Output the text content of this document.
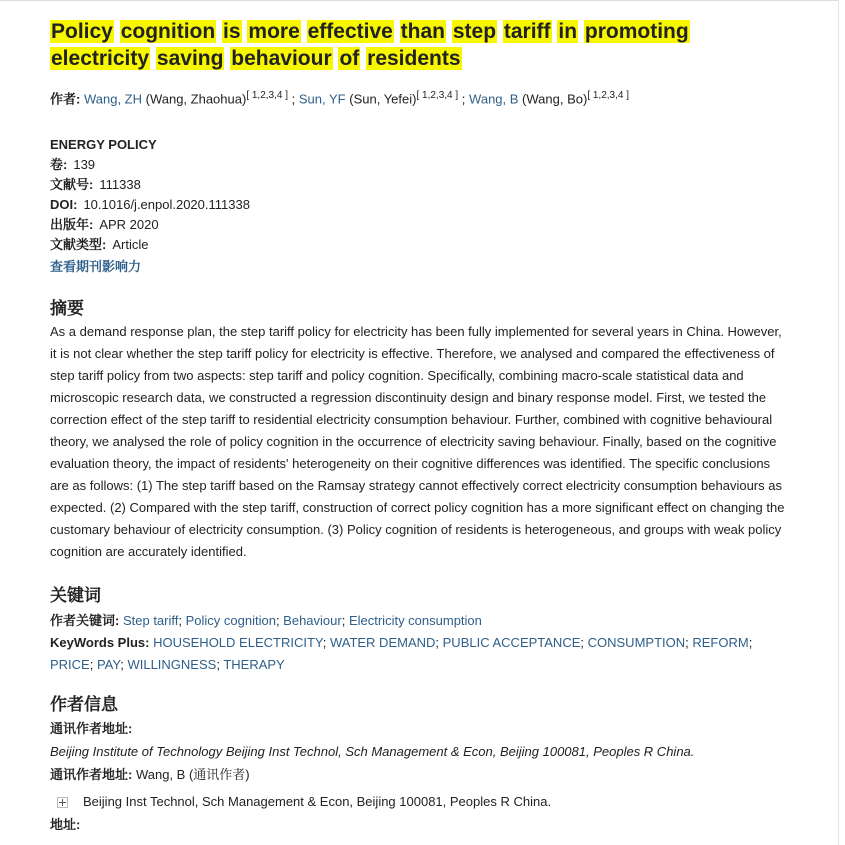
Policy cognition is more effective than step tariff in promoting electricity saving behaviour of residents
作者: Wang, ZH (Wang, Zhaohua)[ 1,2,3,4 ] ; Sun, YF (Sun, Yefei)[ 1,2,3,4 ] ; Wang, B (Wang, Bo)[ 1,2,3,4 ]
ENERGY POLICY
卷: 139
文献号: 111338
DOI: 10.1016/j.enpol.2020.111338
出版年: APR 2020
文献类型: Article
查看期刊影响力
摘要

As a demand response plan, the step tariff policy for electricity has been fully implemented for several years in China. However, it is not clear whether the step tariff policy for electricity is effective. Therefore, we analysed and compared the effectiveness of step tariff policy from two aspects: step tariff and policy cognition. Specifically, combining macro-scale statistical data and microscopic research data, we constructed a regression discontinuity design and binary response model. First, we tested the correction effect of the step tariff to residential electricity consumption behaviour. Further, combined with cognitive behavioural theory, we analysed the role of policy cognition in the occurrence of electricity saving behaviour. Finally, based on the cognitive evaluation theory, the impact of residents' heterogeneity on their cognitive differences was identified. The specific conclusions are as follows: (1) The step tariff based on the Ramsay strategy cannot effectively correct electricity consumption behaviours as expected. (2) Compared with the step tariff, construction of correct policy cognition has a more significant effect on changing the customary behaviour of electricity consumption. (3) Policy cognition of residents is heterogeneous, and groups with weak policy cognition are accurately identified.

关键词
作者关键词: Step tariff; Policy cognition; Behaviour; Electricity consumption
KeyWords Plus: HOUSEHOLD ELECTRICITY; WATER DEMAND; PUBLIC ACCEPTANCE; CONSUMPTION; REFORM; PRICE; PAY; WILLINGNESS; THERAPY
作者信息
通讯作者地址:
Beijing Institute of Technology Beijing Inst Technol, Sch Management & Econ, Beijing 100081, Peoples R China.
通讯作者地址: Wang, B (通讯作者)
Beijing Inst Technol, Sch Management & Econ, Beijing 100081, Peoples R China.
地址:
